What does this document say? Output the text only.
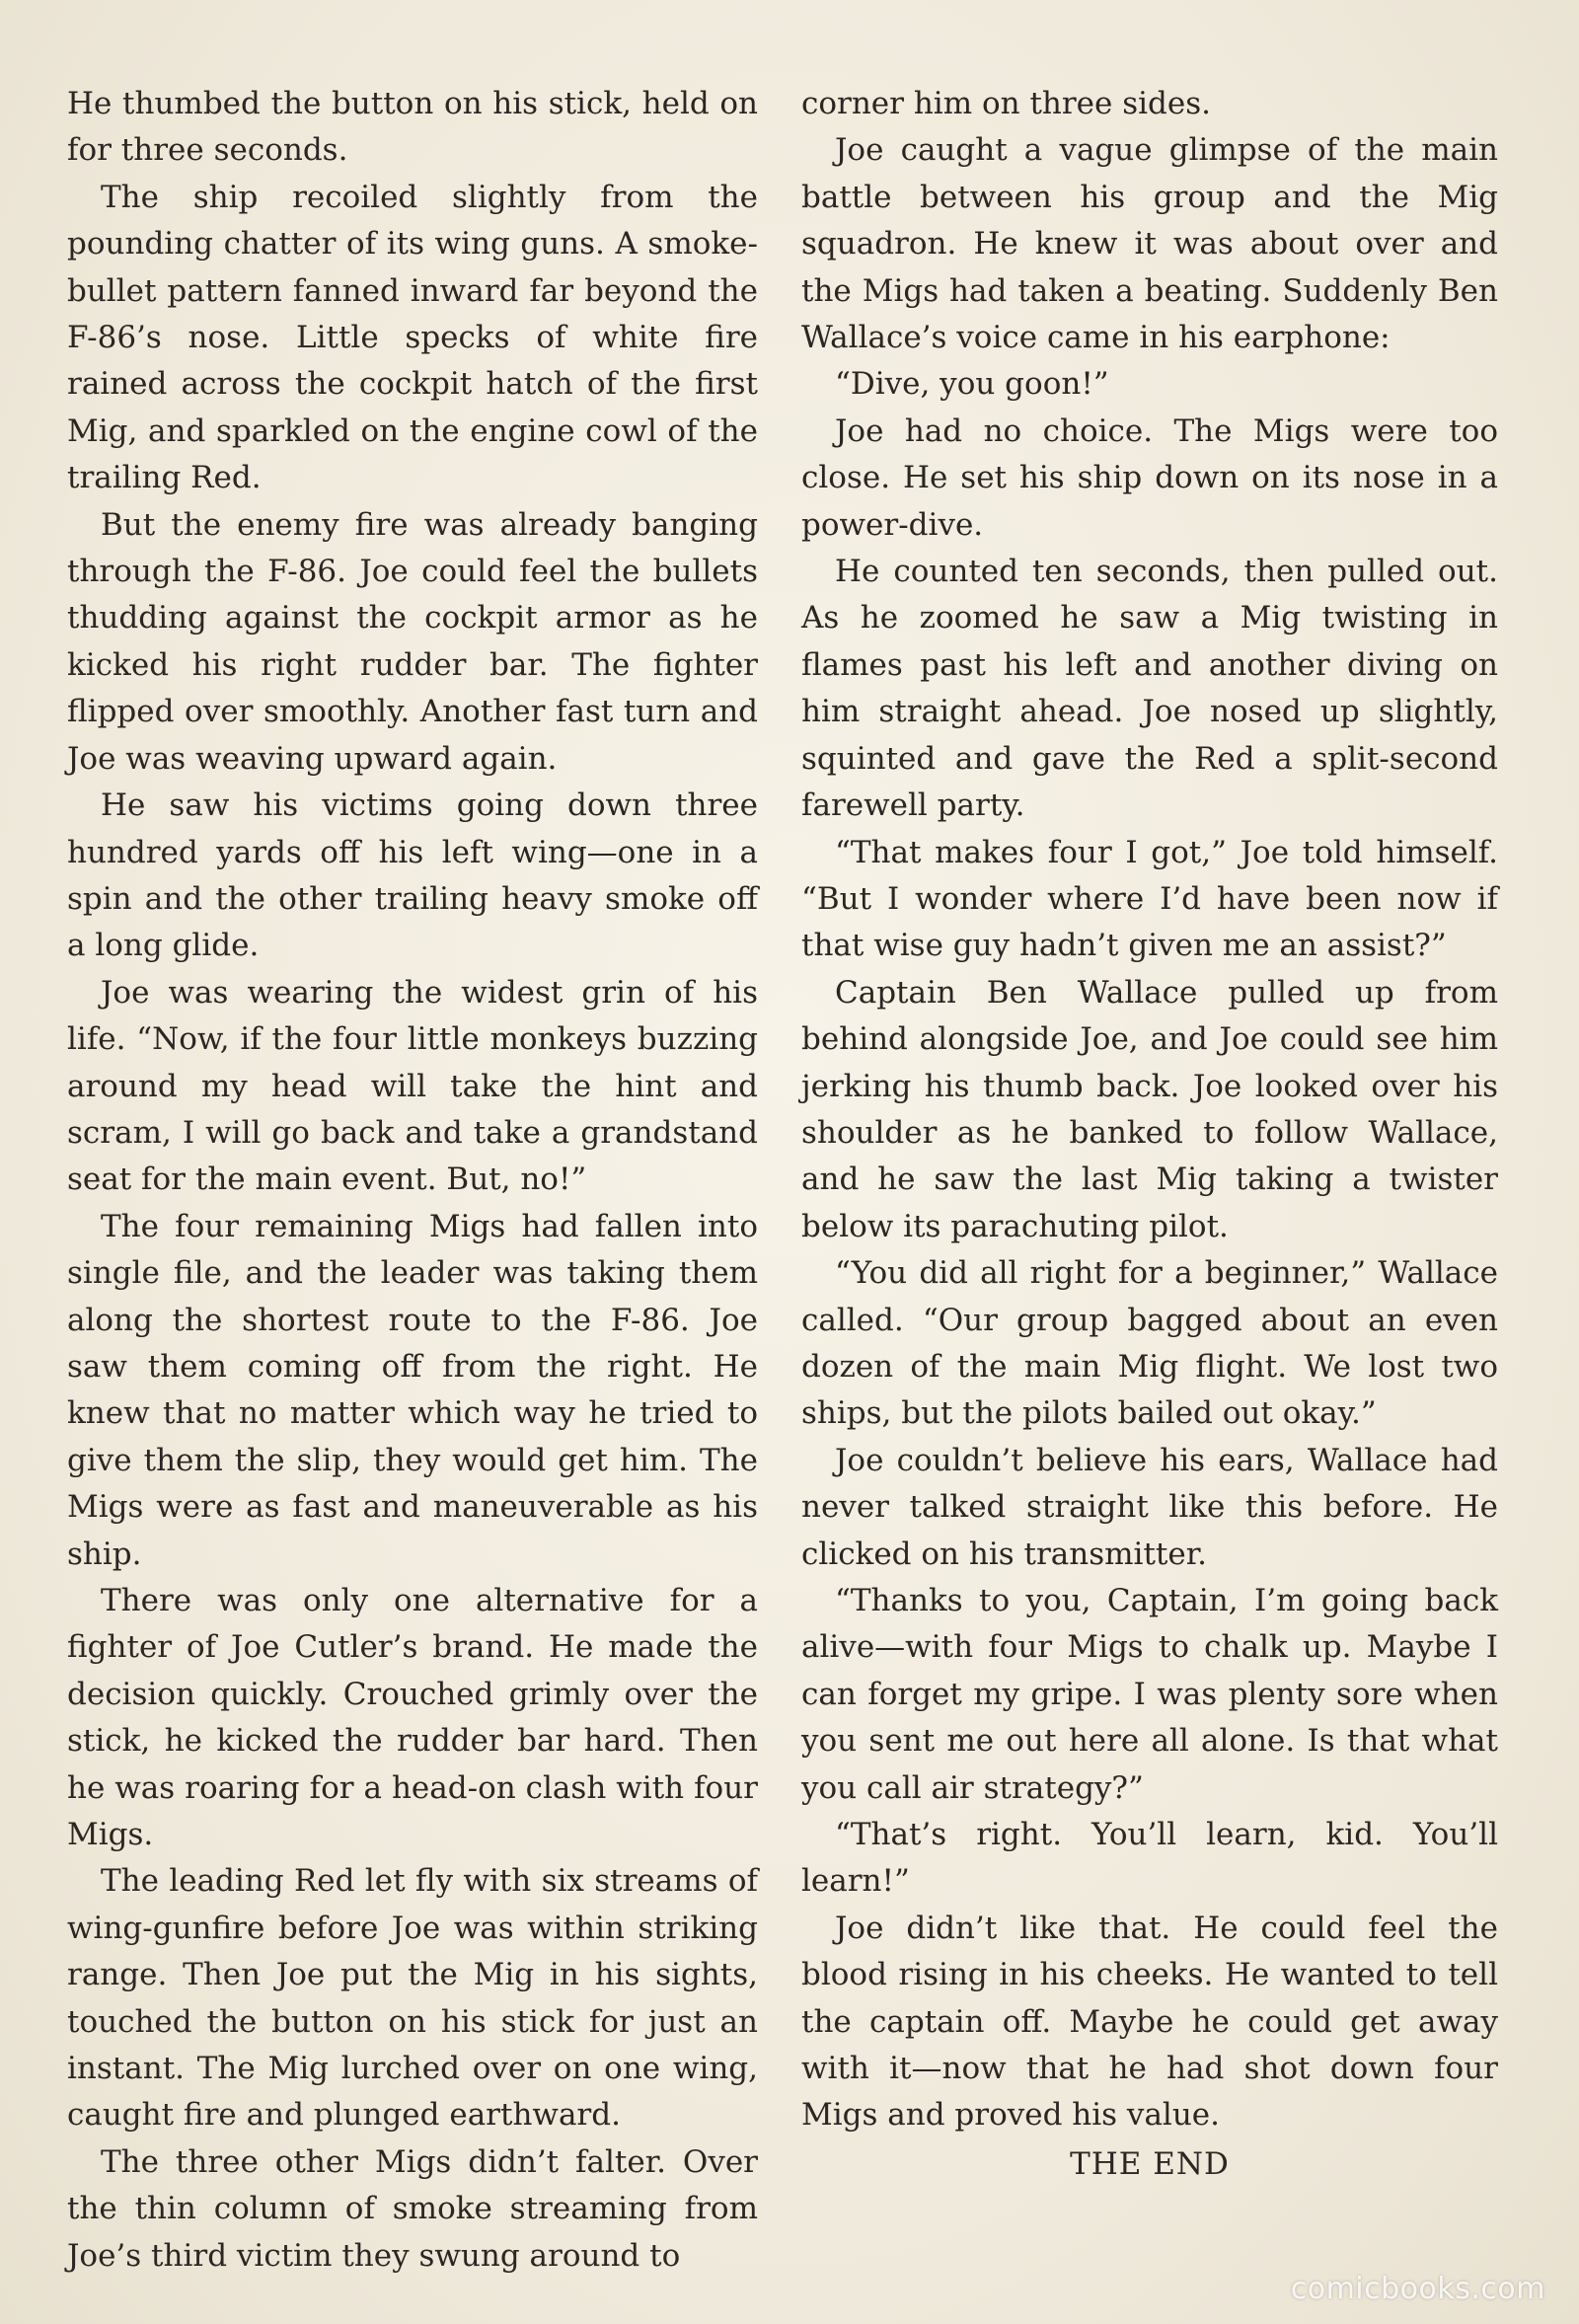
He thumbed the button on his stick, held on for three seconds.

The ship recoiled slightly from the pounding chatter of its wing guns. A smoke-bullet pattern fanned inward far beyond the F-86’s nose. Little specks of white fire rained across the cockpit hatch of the first Mig, and sparkled on the engine cowl of the trailing Red.

But the enemy fire was already banging through the F-86. Joe could feel the bullets thudding against the cockpit armor as he kicked his right rudder bar. The fighter flipped over smoothly. Another fast turn and Joe was weaving upward again.

He saw his victims going down three hundred yards off his left wing—one in a spin and the other trailing heavy smoke off a long glide.

Joe was wearing the widest grin of his life. “Now, if the four little monkeys buzzing around my head will take the hint and scram, I will go back and take a grandstand seat for the main event. But, no!”

The four remaining Migs had fallen into single file, and the leader was taking them along the shortest route to the F-86. Joe saw them coming off from the right. He knew that no matter which way he tried to give them the slip, they would get him. The Migs were as fast and maneuverable as his ship.

There was only one alternative for a fighter of Joe Cutler’s brand. He made the decision quickly. Crouched grimly over the stick, he kicked the rudder bar hard. Then he was roaring for a head-on clash with four Migs.

The leading Red let fly with six streams of wing-gunfire before Joe was within striking range. Then Joe put the Mig in his sights, touched the button on his stick for just an instant. The Mig lurched over on one wing, caught fire and plunged earthward.

The three other Migs didn’t falter. Over the thin column of smoke streaming from Joe’s third victim they swung around to

corner him on three sides.

Joe caught a vague glimpse of the main battle between his group and the Mig squadron. He knew it was about over and the Migs had taken a beating. Suddenly Ben Wallace’s voice came in his earphone:

“Dive, you goon!”

Joe had no choice. The Migs were too close. He set his ship down on its nose in a power-dive.

He counted ten seconds, then pulled out. As he zoomed he saw a Mig twisting in flames past his left and another diving on him straight ahead. Joe nosed up slightly, squinted and gave the Red a split-second farewell party.

“That makes four I got,” Joe told himself. “But I wonder where I’d have been now if that wise guy hadn’t given me an assist?”

Captain Ben Wallace pulled up from behind alongside Joe, and Joe could see him jerking his thumb back. Joe looked over his shoulder as he banked to follow Wallace, and he saw the last Mig taking a twister below its parachuting pilot.

“You did all right for a beginner,” Wallace called. “Our group bagged about an even dozen of the main Mig flight. We lost two ships, but the pilots bailed out okay.”

Joe couldn’t believe his ears, Wallace had never talked straight like this before. He clicked on his transmitter.

“Thanks to you, Captain, I’m going back alive—with four Migs to chalk up. Maybe I can forget my gripe. I was plenty sore when you sent me out here all alone. Is that what you call air strategy?”

“That’s right. You’ll learn, kid. You’ll learn!”

Joe didn’t like that. He could feel the blood rising in his cheeks. He wanted to tell the captain off. Maybe he could get away with it—now that he had shot down four Migs and proved his value.

THE END

comicbooks.com
